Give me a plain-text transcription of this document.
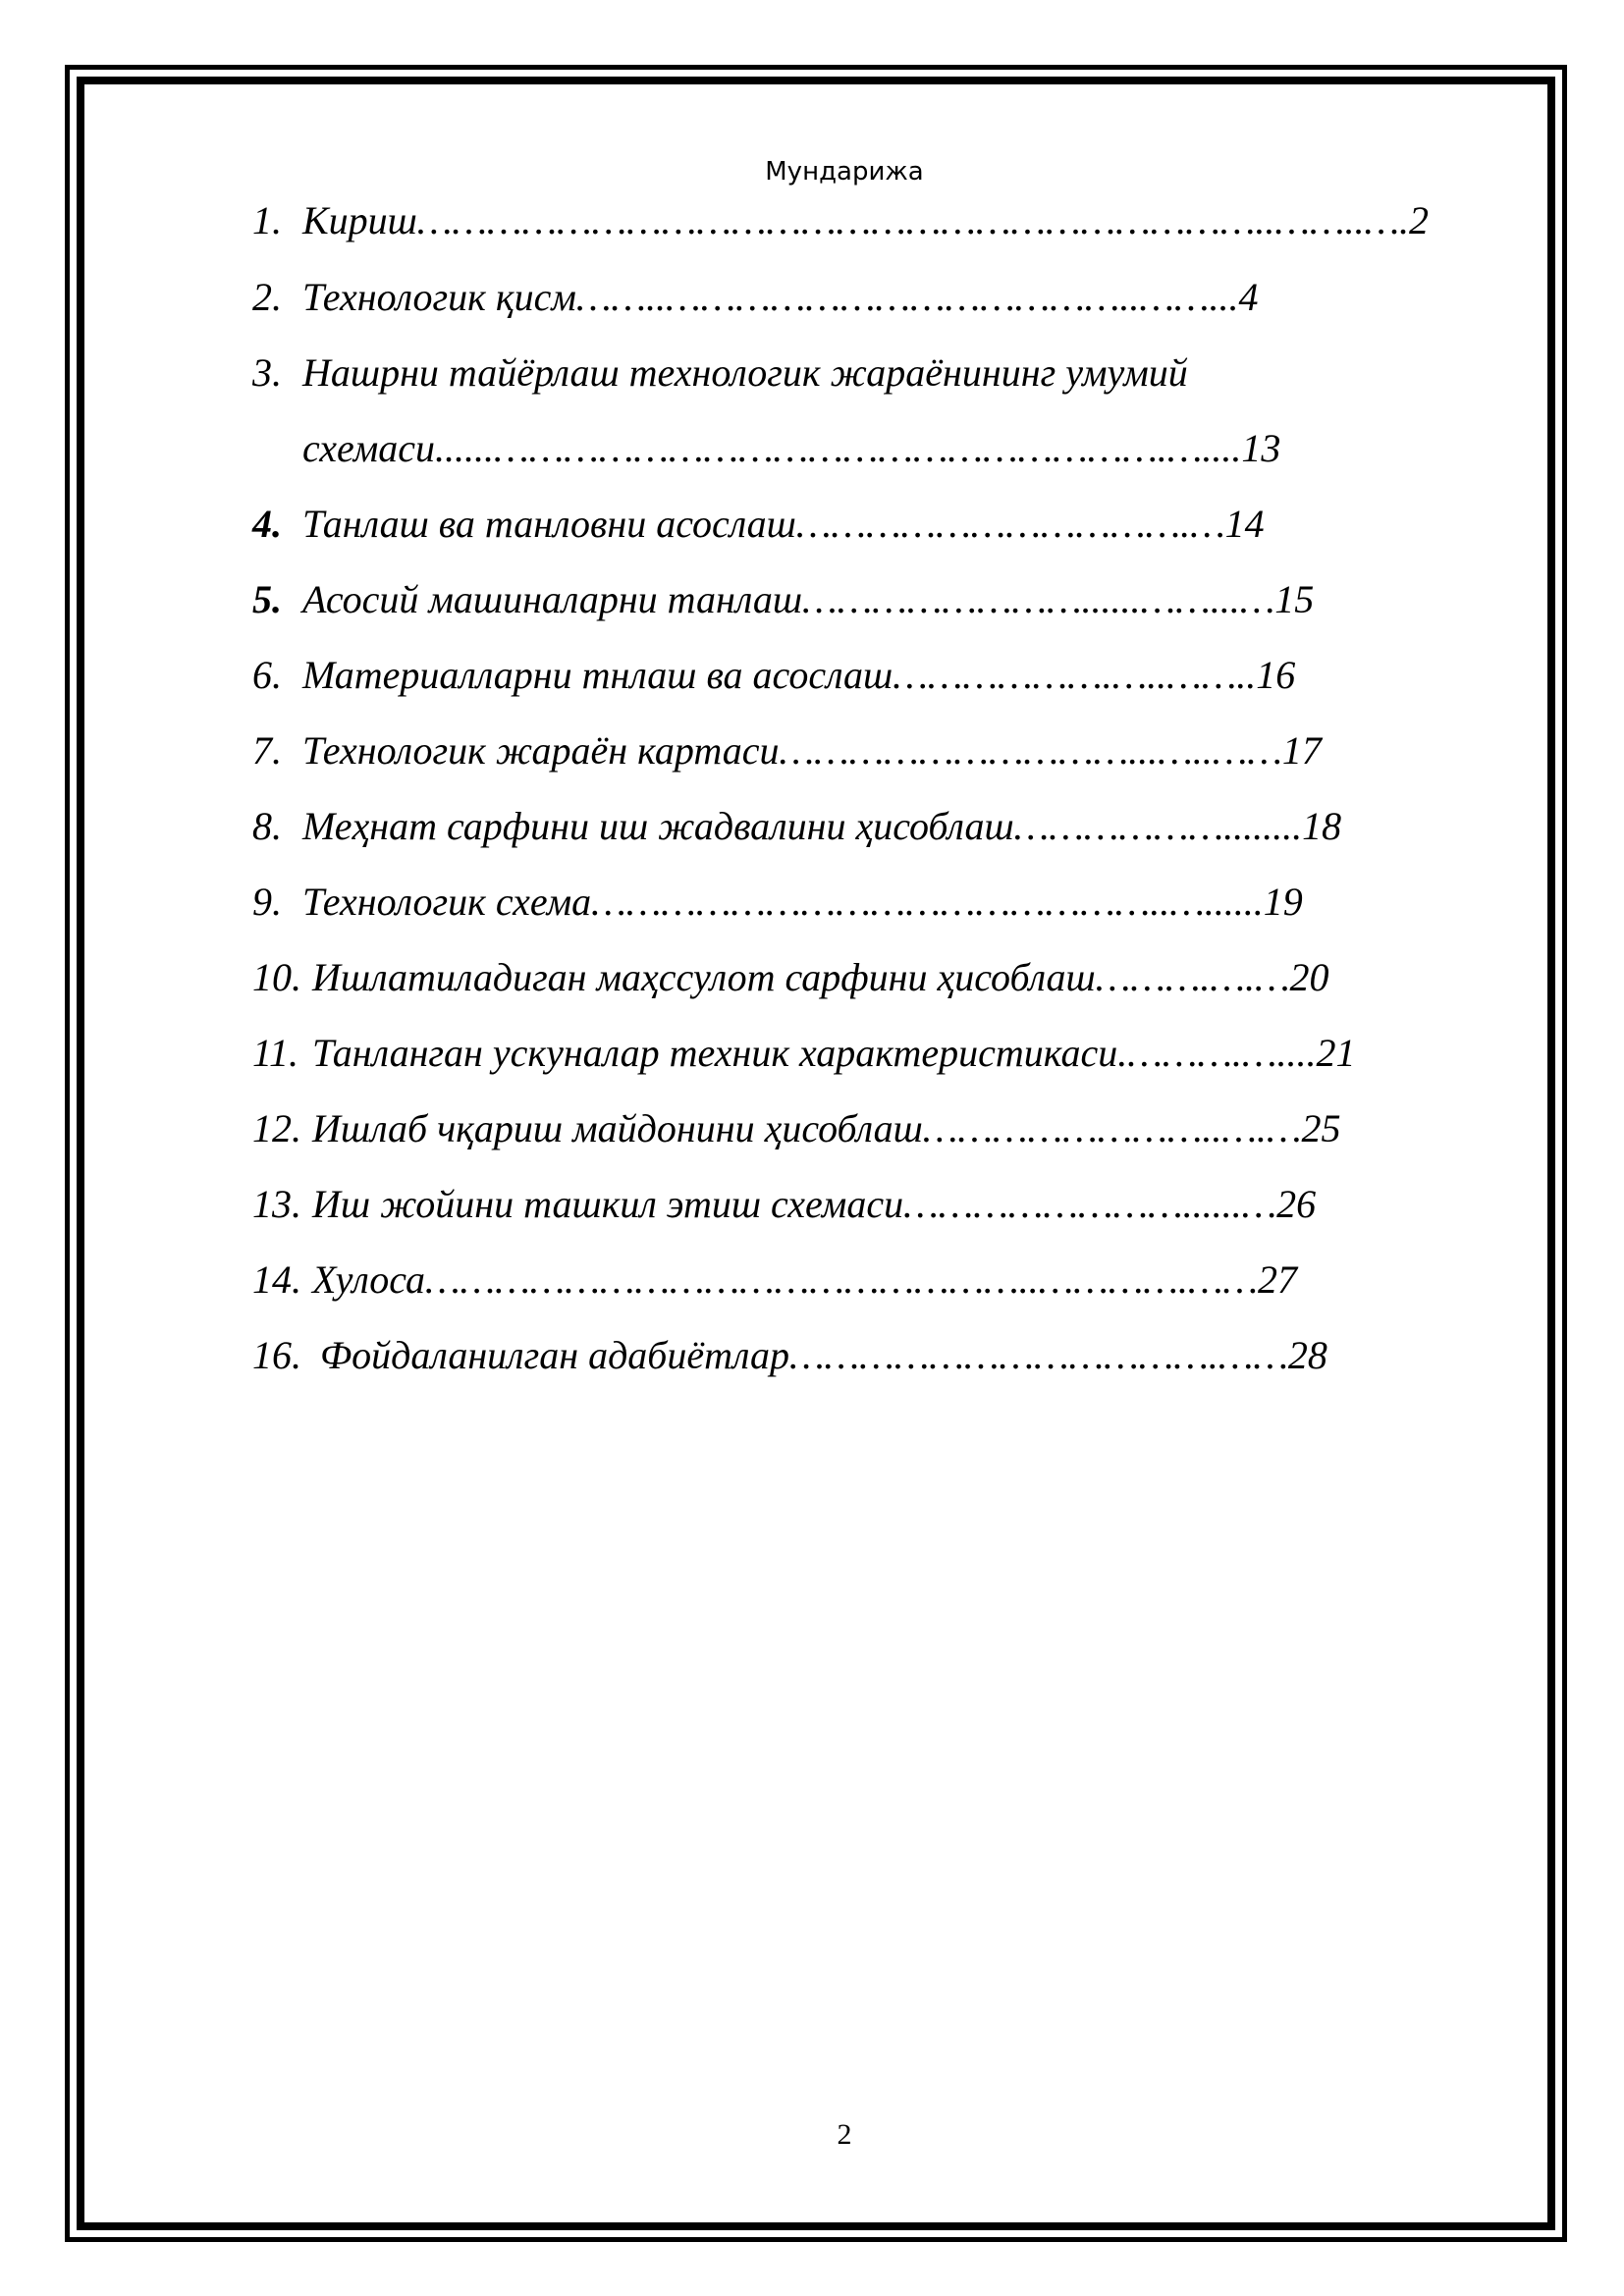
Мундарижа
1. Кириш………………………………………………………………..……..….2
2. Технологик қисм……..…………………………………..……...4
3. Нашрни тайёрлаш технологик жараёнининг умумий
схемаси......………………………………………………….…....13
4. Танлаш ва танловни асослаш…………………………….…14
5. Асосий машиналарни танлаш……………………......……...…15
6. Материалларни тнлаш ва асослаш……………….…..……..16
7. Технологик жараён картаси…………………………...…..……17
8. Меҳнат сарфини иш жадвалини ҳисоблаш………………........18
9. Технологик схема…………………………………………..…......19
10. Ишлатиладиган маҳссулот сарфини ҳисоблаш……….….…20
11. Танланган ускуналар техник характеристикаси.……….…....21
12. Ишлаб чқариш майдонини ҳисоблаш……………………..….…25
13. Иш жойини ташкил этиш схемаси……………………......…26
14. Хулоса……………………………………………..………….……27
16. Фойдаланилган адабиётлар……………………………….……28
2
